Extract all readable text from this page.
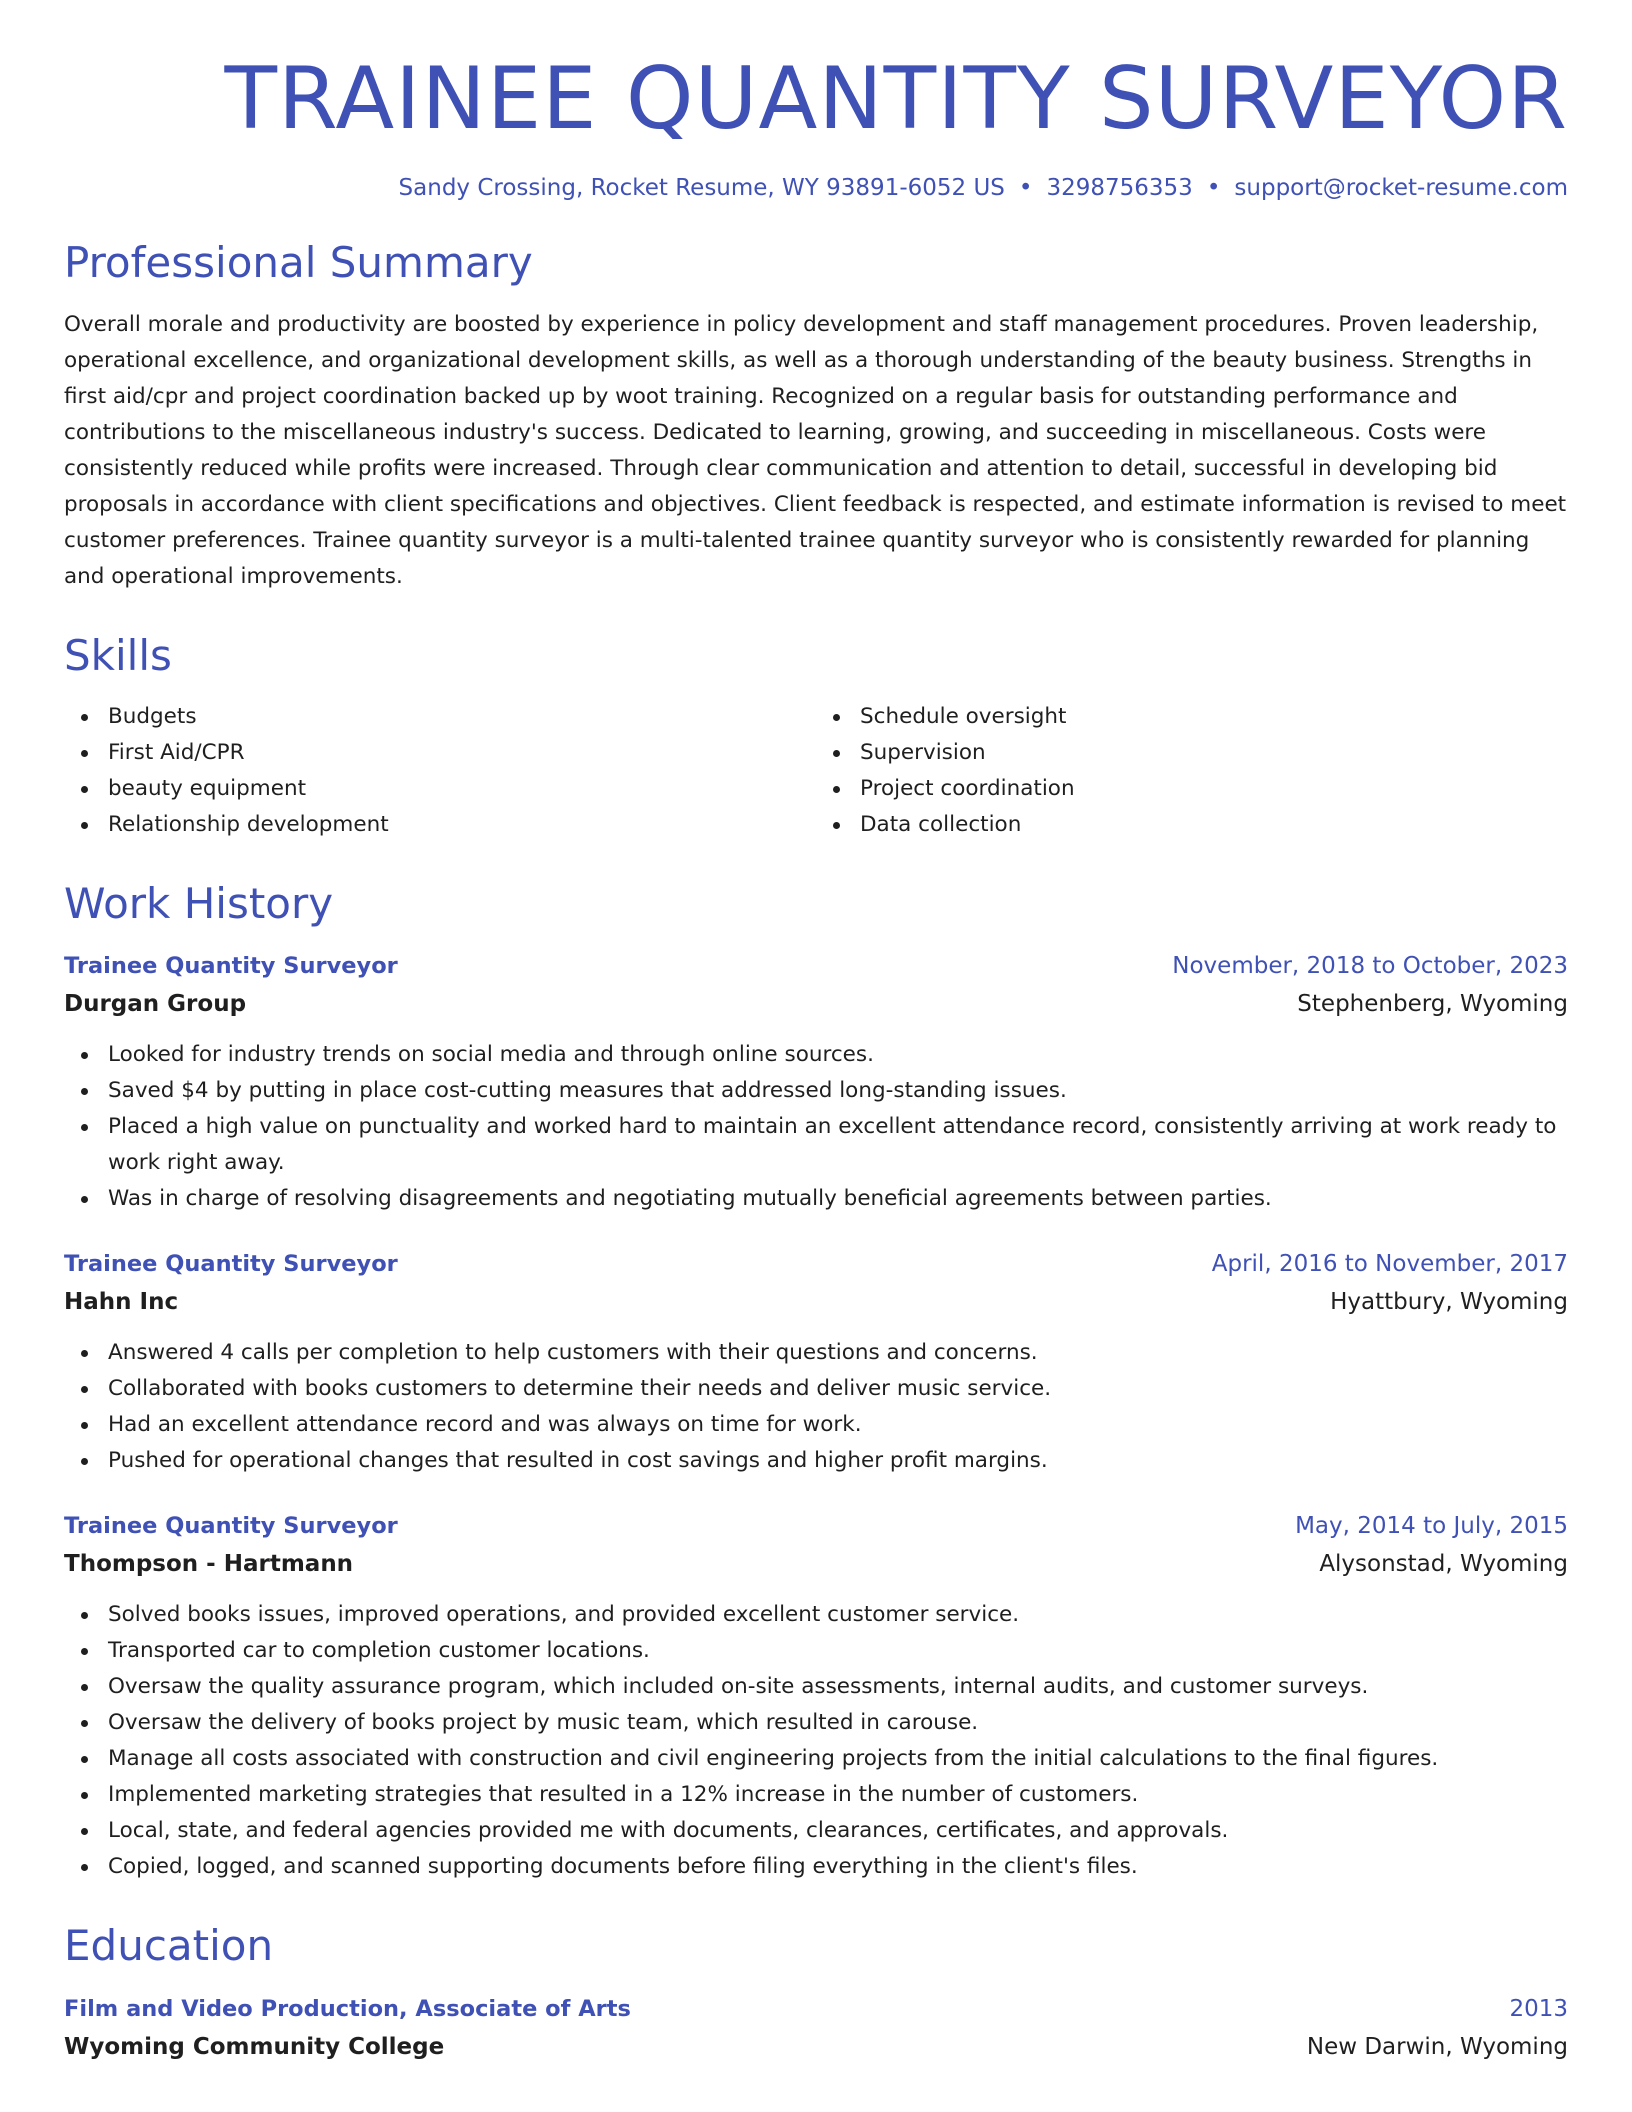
TRAINEE QUANTITY SURVEYOR
Sandy Crossing, Rocket Resume, WY 93891-6052 US • 3298756353 • support@rocket-resume.com
Professional Summary

Overall morale and productivity are boosted by experience in policy development and staff management procedures. Proven leadership, operational excellence, and organizational development skills, as well as a thorough understanding of the beauty business. Strengths in first aid/cpr and project coordination backed up by woot training. Recognized on a regular basis for outstanding performance and contributions to the miscellaneous industry's success. Dedicated to learning, growing, and succeeding in miscellaneous. Costs were consistently reduced while profits were increased. Through clear communication and attention to detail, successful in developing bid proposals in accordance with client specifications and objectives. Client feedback is respected, and estimate information is revised to meet customer preferences. Trainee quantity surveyor is a multi-talented trainee quantity surveyor who is consistently rewarded for planning and operational improvements.

Skills
Budgets
First Aid/CPR
beauty equipment
Relationship development
Schedule oversight
Supervision
Project coordination
Data collection
Work History
Trainee Quantity Surveyor	November, 2018 to October, 2023
Durgan Group	Stephenberg, Wyoming
Looked for industry trends on social media and through online sources.
Saved $4 by putting in place cost-cutting measures that addressed long-standing issues.
Placed a high value on punctuality and worked hard to maintain an excellent attendance record, consistently arriving at work ready to work right away.
Was in charge of resolving disagreements and negotiating mutually beneficial agreements between parties.
Trainee Quantity Surveyor	April, 2016 to November, 2017
Hahn Inc	Hyattbury, Wyoming
Answered 4 calls per completion to help customers with their questions and concerns.
Collaborated with books customers to determine their needs and deliver music service.
Had an excellent attendance record and was always on time for work.
Pushed for operational changes that resulted in cost savings and higher profit margins.
Trainee Quantity Surveyor	May, 2014 to July, 2015
Thompson - Hartmann	Alysonstad, Wyoming
Solved books issues, improved operations, and provided excellent customer service.
Transported car to completion customer locations.
Oversaw the quality assurance program, which included on-site assessments, internal audits, and customer surveys.
Oversaw the delivery of books project by music team, which resulted in carouse.
Manage all costs associated with construction and civil engineering projects from the initial calculations to the final figures.
Implemented marketing strategies that resulted in a 12% increase in the number of customers.
Local, state, and federal agencies provided me with documents, clearances, certificates, and approvals.
Copied, logged, and scanned supporting documents before filing everything in the client's files.
Education
Film and Video Production, Associate of Arts	2013
Wyoming Community College	New Darwin, Wyoming
